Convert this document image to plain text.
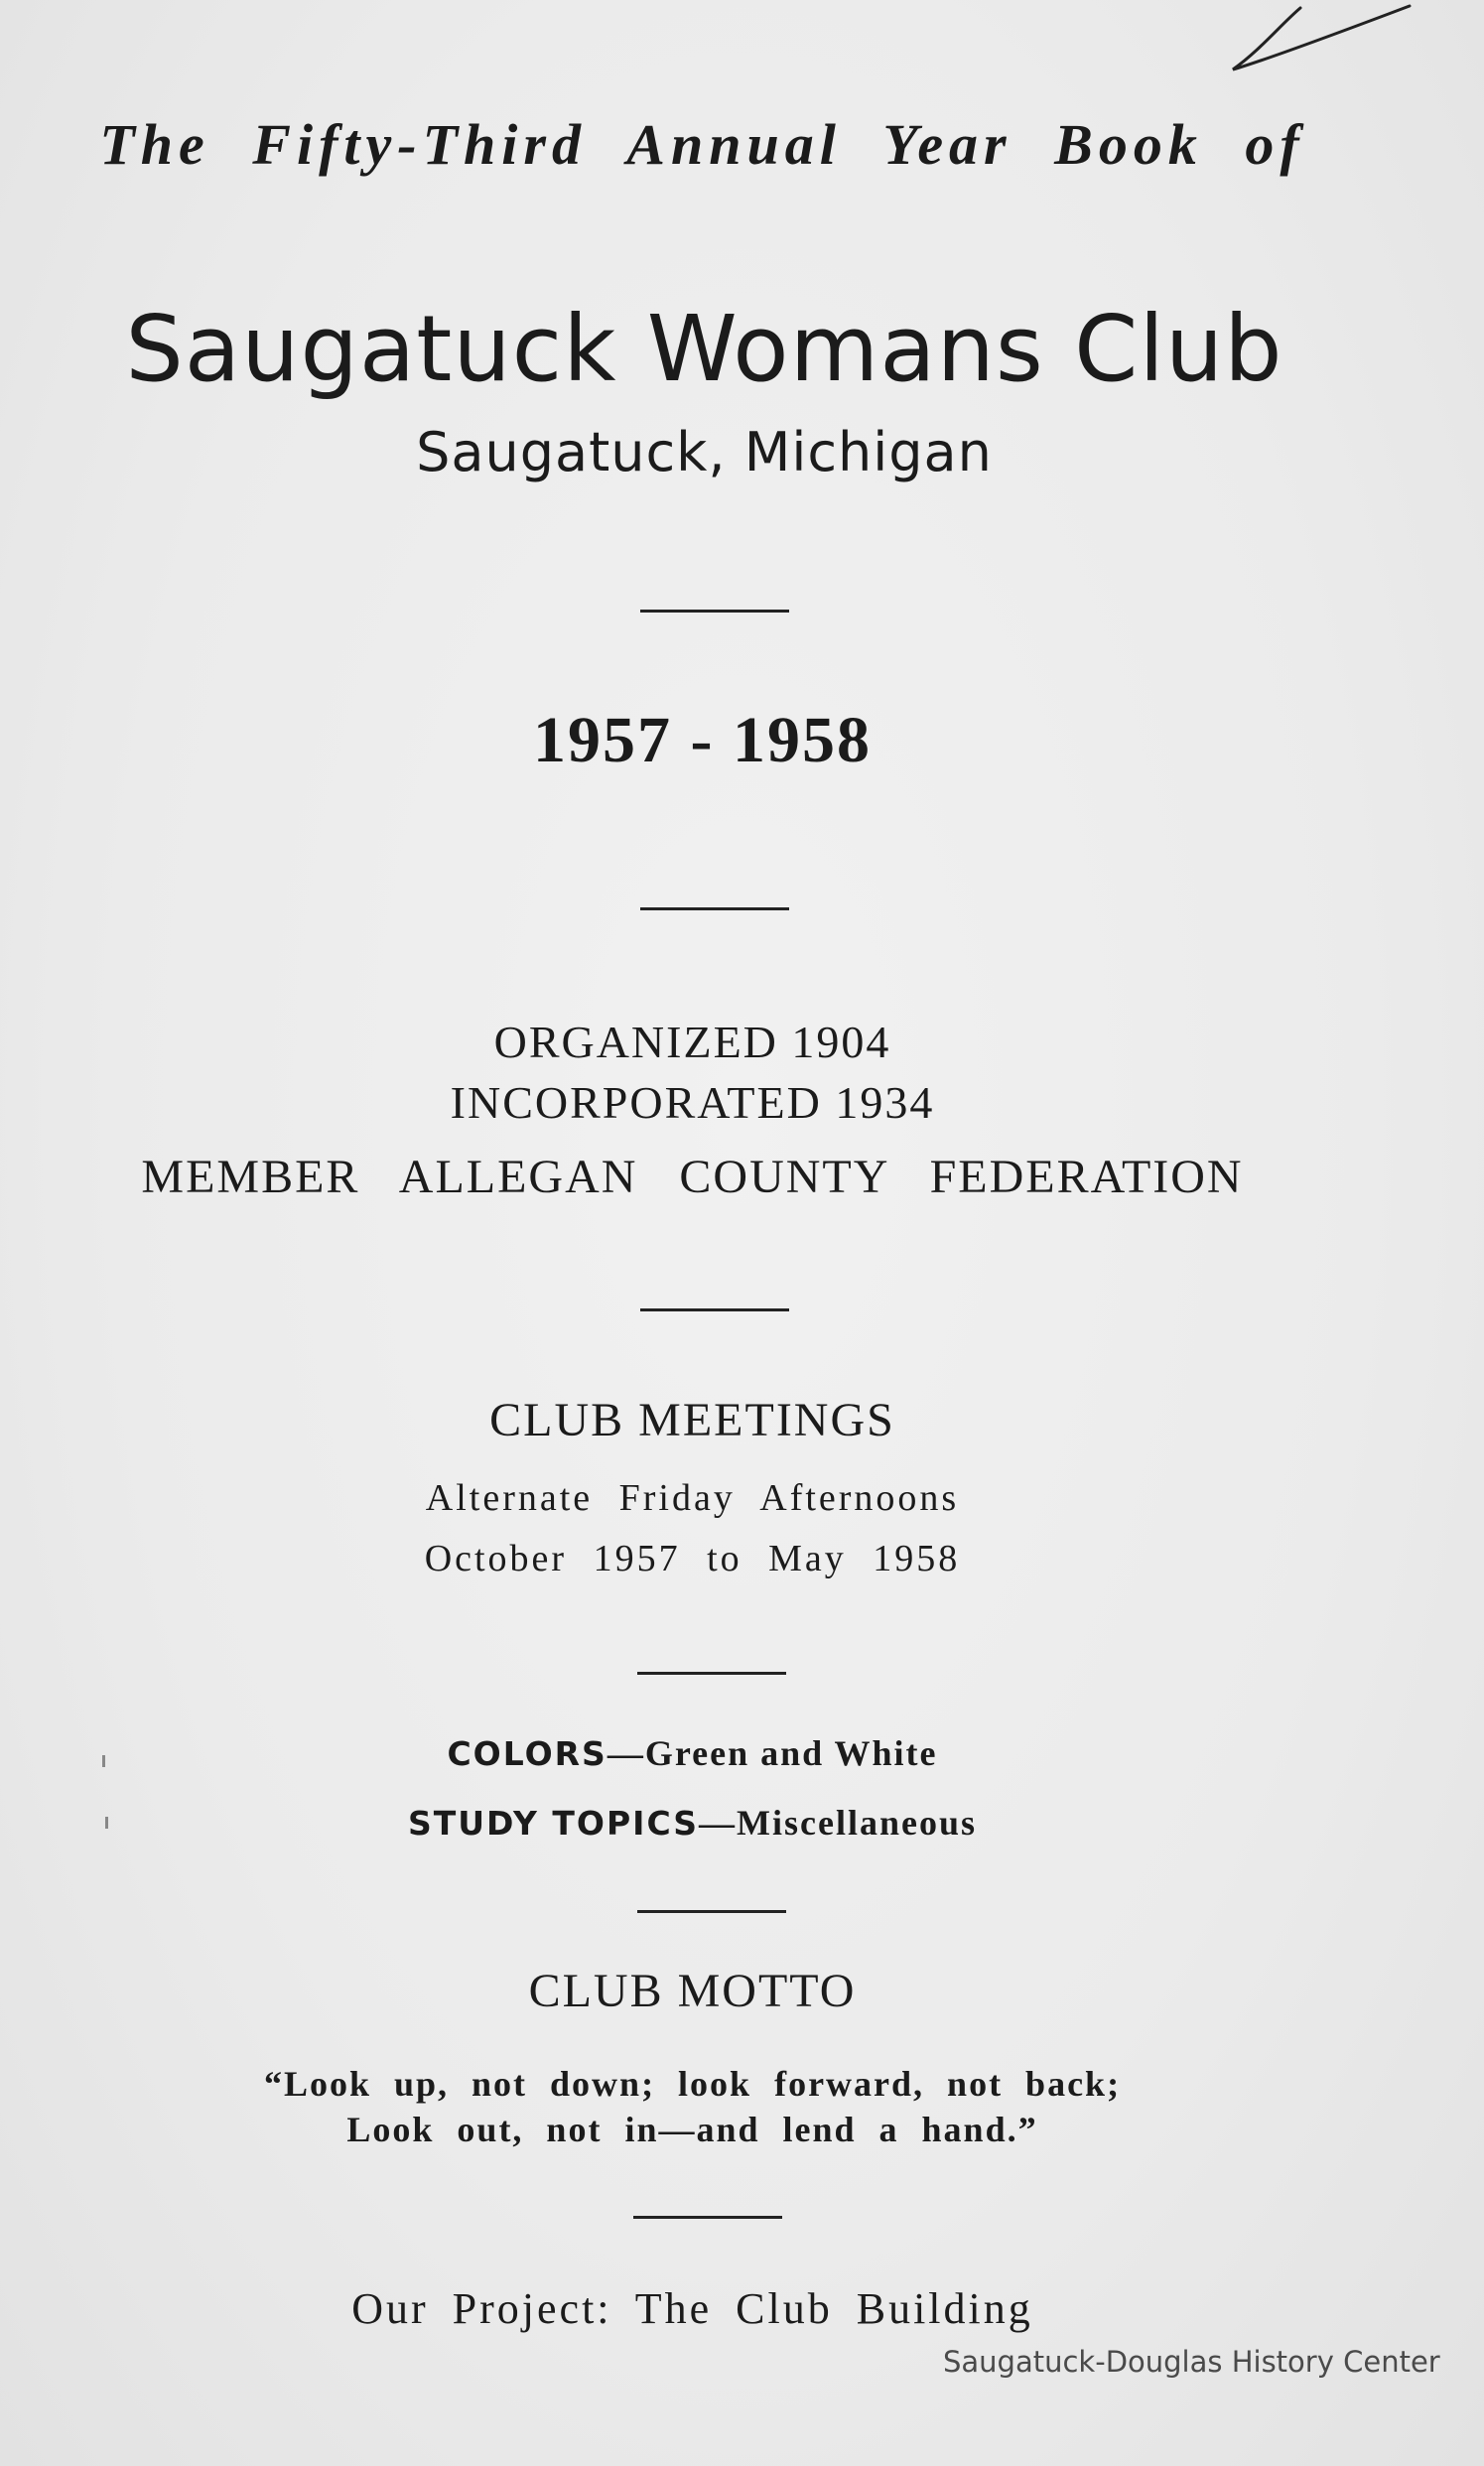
The Fifty-Third Annual Year Book of
Saugatuck Womans Club
Saugatuck, Michigan
1957 - 1958
ORGANIZED 1904
INCORPORATED 1934
MEMBER ALLEGAN COUNTY FEDERATION
CLUB MEETINGS
Alternate Friday Afternoons
October 1957 to May 1958
COLORS—Green and White
STUDY TOPICS—Miscellaneous
CLUB MOTTO
“Look up, not down; look forward, not back;
Look out, not in—and lend a hand.”
Our Project: The Club Building
Saugatuck-Douglas History Center
